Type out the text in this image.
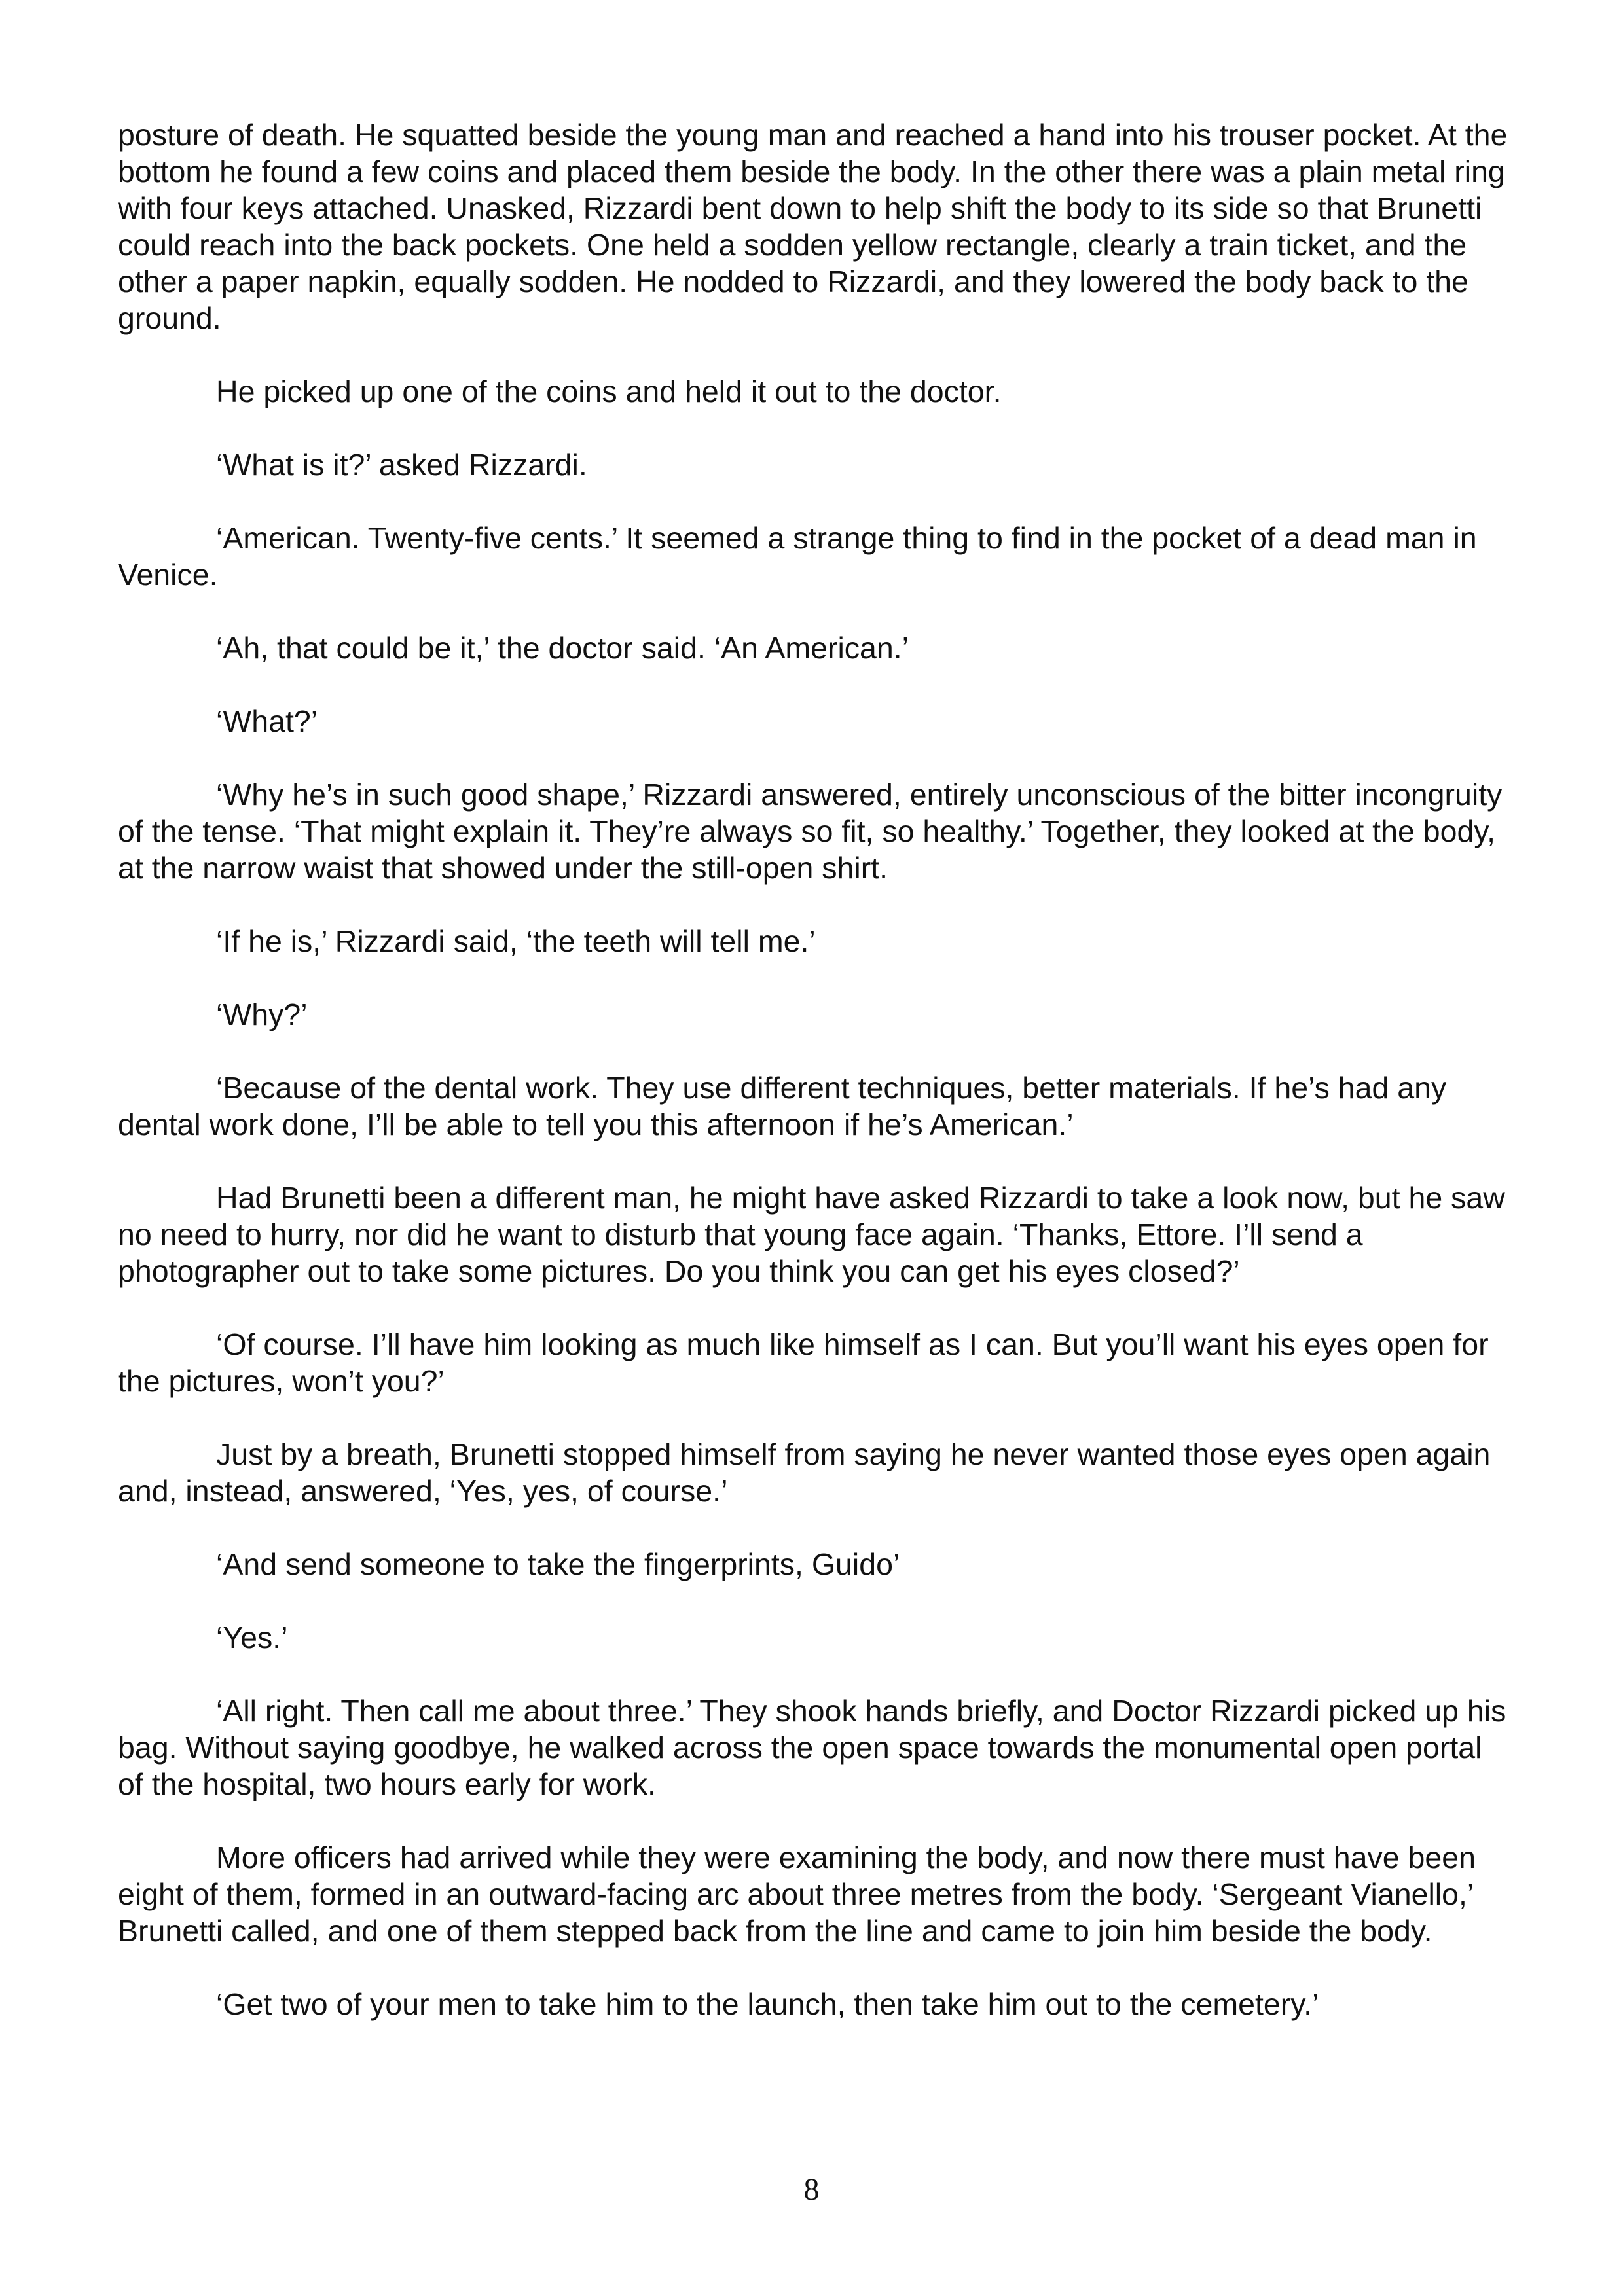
posture of death. He squatted beside the young man and reached a hand into his trouser pocket. At the bottom he found a few coins and placed them beside the body. In the other there was a plain metal ring with four keys attached. Unasked, Rizzardi bent down to help shift the body to its side so that Brunetti could reach into the back pockets. One held a sodden yellow rectangle, clearly a train ticket, and the other a paper napkin, equally sodden. He nodded to Rizzardi, and they lowered the body back to the ground.

He picked up one of the coins and held it out to the doctor.

‘What is it?’ asked Rizzardi.

‘American. Twenty-five cents.’ It seemed a strange thing to find in the pocket of a dead man in Venice.

‘Ah, that could be it,’ the doctor said. ‘An American.’

‘What?’

‘Why he’s in such good shape,’ Rizzardi answered, entirely unconscious of the bitter incongruity of the tense. ‘That might explain it. They’re always so fit, so healthy.’ Together, they looked at the body, at the narrow waist that showed under the still-open shirt.

‘If he is,’ Rizzardi said, ‘the teeth will tell me.’

‘Why?’

‘Because of the dental work. They use different techniques, better materials. If he’s had any dental work done, I’ll be able to tell you this afternoon if he’s American.’

Had Brunetti been a different man, he might have asked Rizzardi to take a look now, but he saw no need to hurry, nor did he want to disturb that young face again. ‘Thanks, Ettore. I’ll send a photographer out to take some pictures. Do you think you can get his eyes closed?’

‘Of course. I’ll have him looking as much like himself as I can. But you’ll want his eyes open for the pictures, won’t you?’

Just by a breath, Brunetti stopped himself from saying he never wanted those eyes open again and, instead, answered, ‘Yes, yes, of course.’

‘And send someone to take the fingerprints, Guido’

‘Yes.’

‘All right. Then call me about three.’ They shook hands briefly, and Doctor Rizzardi picked up his bag. Without saying goodbye, he walked across the open space towards the monumental open portal of the hospital, two hours early for work.

More officers had arrived while they were examining the body, and now there must have been eight of them, formed in an outward-facing arc about three metres from the body. ‘Sergeant Vianello,’ Brunetti called, and one of them stepped back from the line and came to join him beside the body.

‘Get two of your men to take him to the launch, then take him out to the cemetery.’

8
